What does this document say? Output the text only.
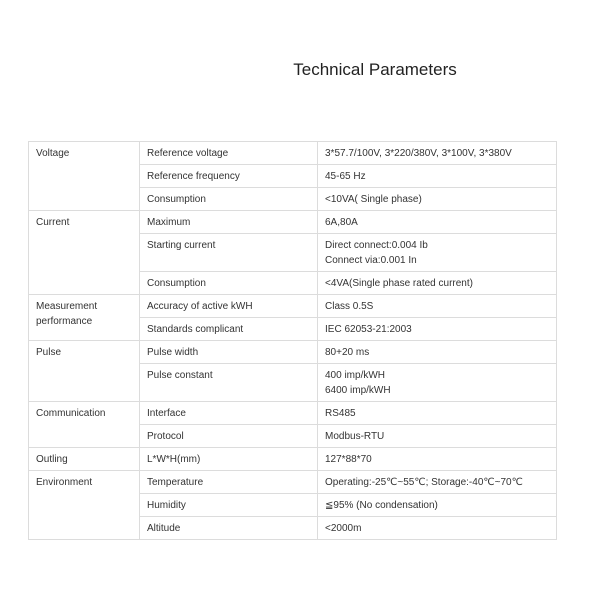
Technical Parameters
Voltage	Reference voltage	3*57.7/100V, 3*220/380V, 3*100V, 3*380V
	Reference frequency	45-65 Hz
	Consumption	<10VA( Single phase)
Current	Maximum	6A,80A
	Starting current	Direct connect:0.004 Ib
Connect via:0.001 In

	Consumption	<4VA(Single phase rated current)

Measurement
performance	Accuracy of active kWH	Class 0.5S
	Standards complicant	IEC 62053-21:2003
Pulse	Pulse width	80+20 ms
	Pulse constant	400 imp/kWH
6400 imp/kWH

Communication	Interface	RS485
	Protocol	Modbus-RTU
Outling	L*W*H(mm)	127*88*70
Environment	Temperature	Operating:-25℃~55℃; Storage:-40℃~70℃
	Humidity	≦95% (No condensation)
	Altitude	<2000m
